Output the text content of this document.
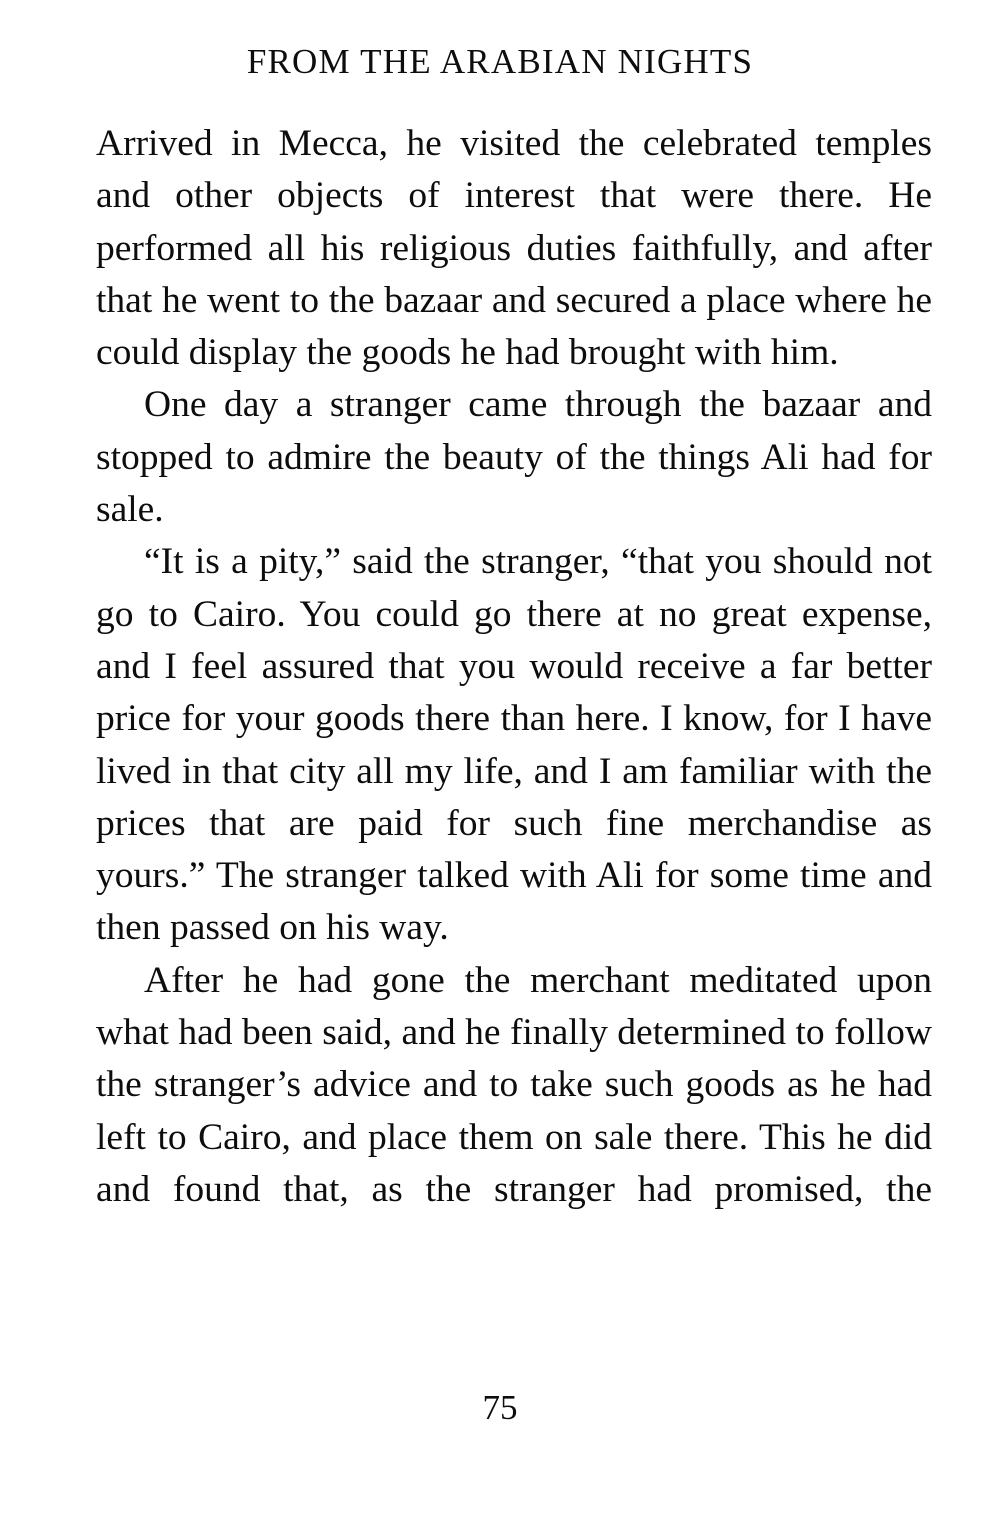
FROM THE ARABIAN NIGHTS

Arrived in Mecca, he visited the celebrated temples and other objects of interest that were there. He performed all his religious duties faithfully, and after that he went to the bazaar and secured a place where he could display the goods he had brought with him.

One day a stranger came through the bazaar and stopped to admire the beauty of the things Ali had for sale.

“It is a pity,” said the stranger, “that you should not go to Cairo. You could go there at no great expense, and I feel assured that you would receive a far better price for your goods there than here. I know, for I have lived in that city all my life, and I am familiar with the prices that are paid for such fine merchandise as yours.” The stranger talked with Ali for some time and then passed on his way.

After he had gone the merchant meditated upon what had been said, and he finally determined to follow the stranger’s advice and to take such goods as he had left to Cairo, and place them on sale there. This he did and found that, as the stranger had promised, the

75
